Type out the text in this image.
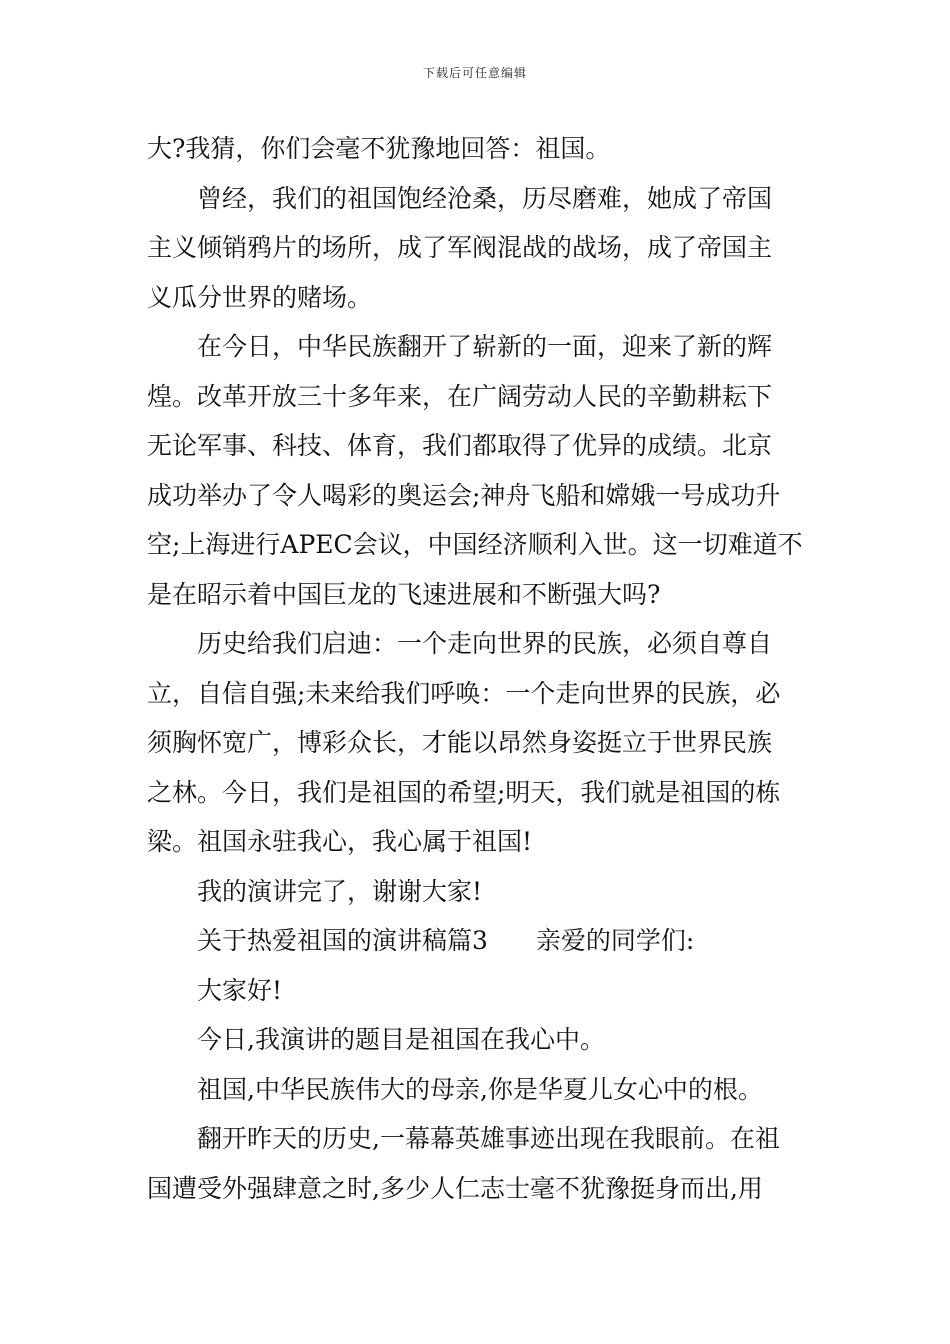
下载后可任意编辑
大?我猜，你们会毫不犹豫地回答：祖国。
曾经，我们的祖国饱经沧桑，历尽磨难，她成了帝国
主义倾销鸦片的场所，成了军阀混战的战场，成了帝国主
义瓜分世界的赌场。
在今日，中华民族翻开了崭新的一面，迎来了新的辉
煌。改革开放三十多年来，在广阔劳动人民的辛勤耕耘下
无论军事、科技、体育，我们都取得了优异的成绩。北京
成功举办了令人喝彩的奥运会;神舟飞船和嫦娥一号成功升
空;上海进行APEC会议，中国经济顺利入世。这一切难道不
是在昭示着中国巨龙的飞速进展和不断强大吗?
历史给我们启迪：一个走向世界的民族，必须自尊自
立，自信自强;未来给我们呼唤：一个走向世界的民族，必
须胸怀宽广，博彩众长，才能以昂然身姿挺立于世界民族
之林。今日，我们是祖国的希望;明天，我们就是祖国的栋
梁。祖国永驻我心，我心属于祖国!
我的演讲完了，谢谢大家!
关于热爱祖国的演讲稿篇3 亲爱的同学们:
大家好!
今日,我演讲的题目是祖国在我心中。
祖国,中华民族伟大的母亲,你是华夏儿女心中的根。
翻开昨天的历史,一幕幕英雄事迹出现在我眼前。在祖
国遭受外强肆意之时,多少人仁志士毫不犹豫挺身而出,用
